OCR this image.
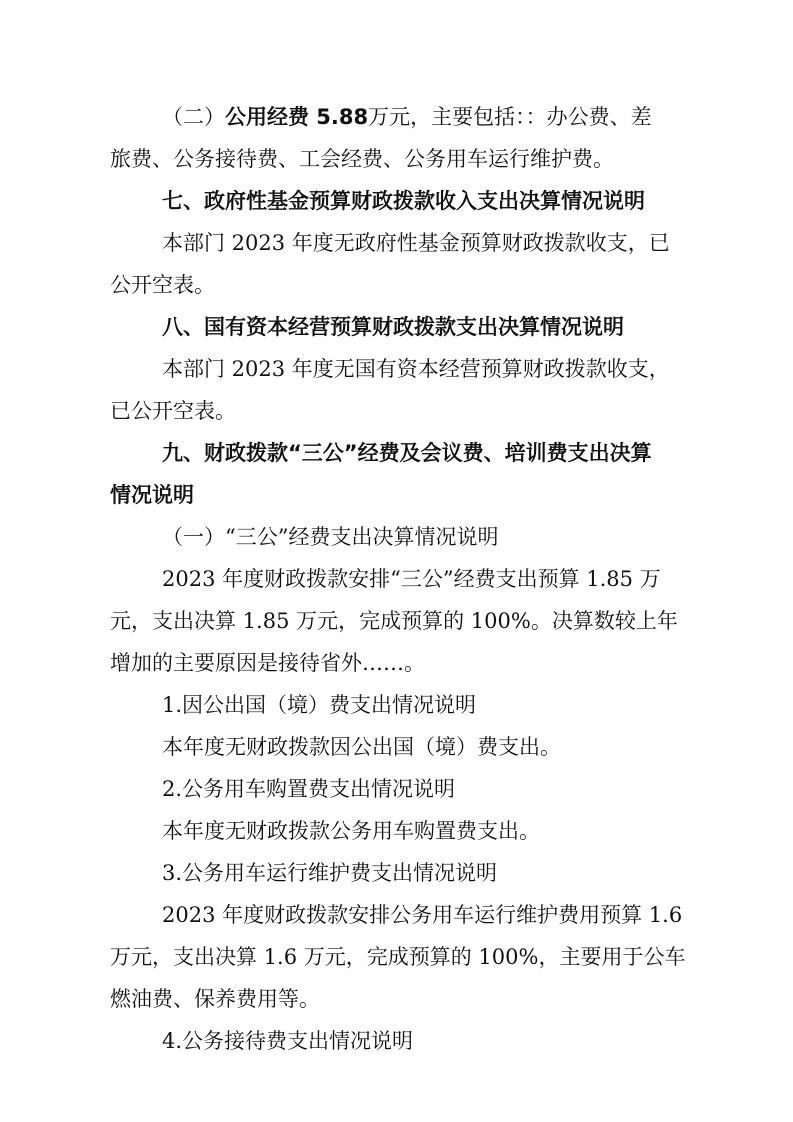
（二）公用经费 5.88万元，主要包括：：办公费、差
旅费、公务接待费、工会经费、公务用车运行维护费。
七、政府性基金预算财政拨款收入支出决算情况说明
本部门 2023 年度无政府性基金预算财政拨款收支，已
公开空表。
八、国有资本经营预算财政拨款支出决算情况说明
本部门 2023 年度无国有资本经营预算财政拨款收支，
已公开空表。
九、财政拨款“三公”经费及会议费、培训费支出决算
情况说明
（一）“三公”经费支出决算情况说明
2023 年度财政拨款安排“三公”经费支出预算 1.85 万
元，支出决算 1.85 万元，完成预算的 100%。决算数较上年
增加的主要原因是接待省外……。
1.因公出国（境）费支出情况说明
本年度无财政拨款因公出国（境）费支出。
2.公务用车购置费支出情况说明
本年度无财政拨款公务用车购置费支出。
3.公务用车运行维护费支出情况说明
2023 年度财政拨款安排公务用车运行维护费用预算 1.6
万元，支出决算 1.6 万元，完成预算的 100%，主要用于公车
燃油费、保养费用等。
4.公务接待费支出情况说明
